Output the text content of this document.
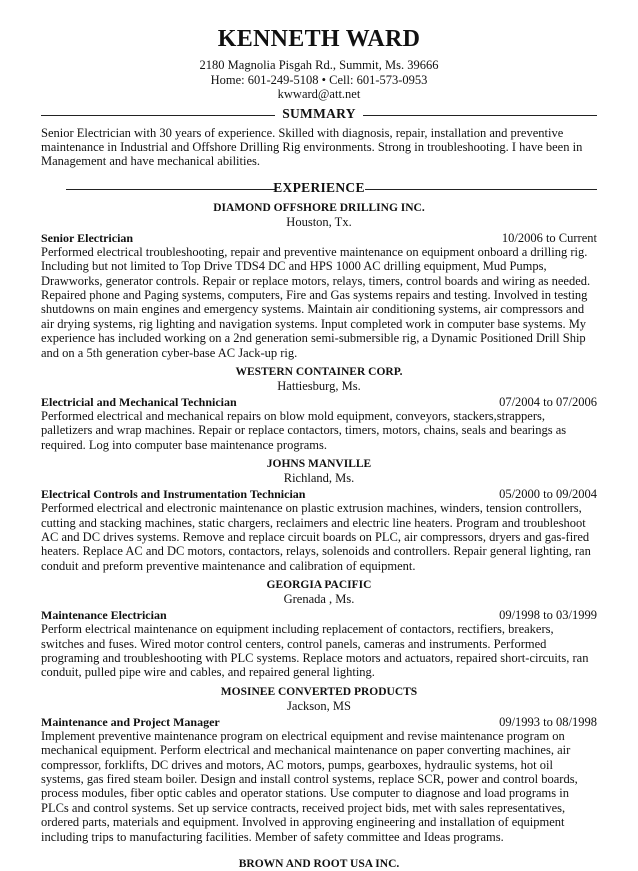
KENNETH WARD
2180 Magnolia Pisgah Rd., Summit, Ms. 39666
Home: 601-249-5108 • Cell: 601-573-0953
kwward@att.net
SUMMARY
Senior Electrician with 30 years of experience. Skilled with diagnosis, repair, installation and preventive maintenance in Industrial and Offshore Drilling Rig environments. Strong in troubleshooting. I have been in Management and have mechanical abilities.
EXPERIENCE
DIAMOND OFFSHORE DRILLING INC.
Houston, Tx.
Senior Electrician	10/2006 to Current
Performed electrical troubleshooting, repair and preventive maintenance on equipment onboard a drilling rig. Including but not limited to Top Drive TDS4 DC and HPS 1000 AC drilling equipment, Mud Pumps, Drawworks, generator controls. Repair or replace motors, relays, timers, control boards and wiring as needed. Repaired phone and Paging systems, computers, Fire and Gas systems repairs and testing. Involved in testing shutdowns on main engines and emergency systems. Maintain air conditioning systems, air compressors and air drying systems, rig lighting and navigation systems. Input completed work in computer base systems. My experience has included working on a 2nd generation semi-submersible rig, a Dynamic Positioned Drill Ship and on a 5th generation cyber-base AC Jack-up rig.
WESTERN CONTAINER CORP.
Hattiesburg, Ms.
Electricial and Mechanical Technician	07/2004 to 07/2006
Performed electrical and mechanical repairs on blow mold equipment, conveyors, stackers,strappers, palletizers and wrap machines. Repair or replace contactors, timers, motors, chains, seals and bearings as required. Log into computer base maintenance programs.
JOHNS MANVILLE
Richland, Ms.
Electrical Controls and Instrumentation Technician	05/2000 to 09/2004
Performed electrical and electronic maintenance on plastic extrusion machines, winders, tension controllers, cutting and stacking machines, static chargers, reclaimers and electric line heaters. Program and troubleshoot AC and DC drives systems. Remove and replace circuit boards on PLC, air compressors, dryers and gas-fired heaters. Replace AC and DC motors, contactors, relays, solenoids and controllers. Repair general lighting, ran conduit and preform preventive maintenance and calibration of equipment.
GEORGIA PACIFIC
Grenada , Ms.
Maintenance Electrician	09/1998 to 03/1999
Perform electrical maintenance on equipment including replacement of contactors, rectifiers, breakers, switches and fuses. Wired motor control centers, control panels, cameras and instruments. Performed programing and troubleshooting with PLC systems. Replace motors and actuators, repaired short-circuits, ran conduit, pulled pipe wire and cables, and repaired general lighting.
MOSINEE CONVERTED PRODUCTS
Jackson, MS
Maintenance and Project Manager	09/1993 to 08/1998
Implement preventive maintenance program on electrical equipment and revise maintenance program on mechanical equipment. Perform electrical and mechanical maintenance on paper converting machines, air compressor, forklifts, DC drives and motors, AC motors, pumps, gearboxes, hydraulic systems, hot oil systems, gas fired steam boiler. Design and install control systems, replace SCR, power and control boards, process modules, fiber optic cables and operator stations. Use computer to diagnose and load programs in PLCs and control systems. Set up service contracts, received project bids, met with sales representatives, ordered parts, materials and equipment. Involved in approving engineering and installation of equipment including trips to manufacturing facilities. Member of safety committee and Ideas programs.
BROWN AND ROOT USA INC.
